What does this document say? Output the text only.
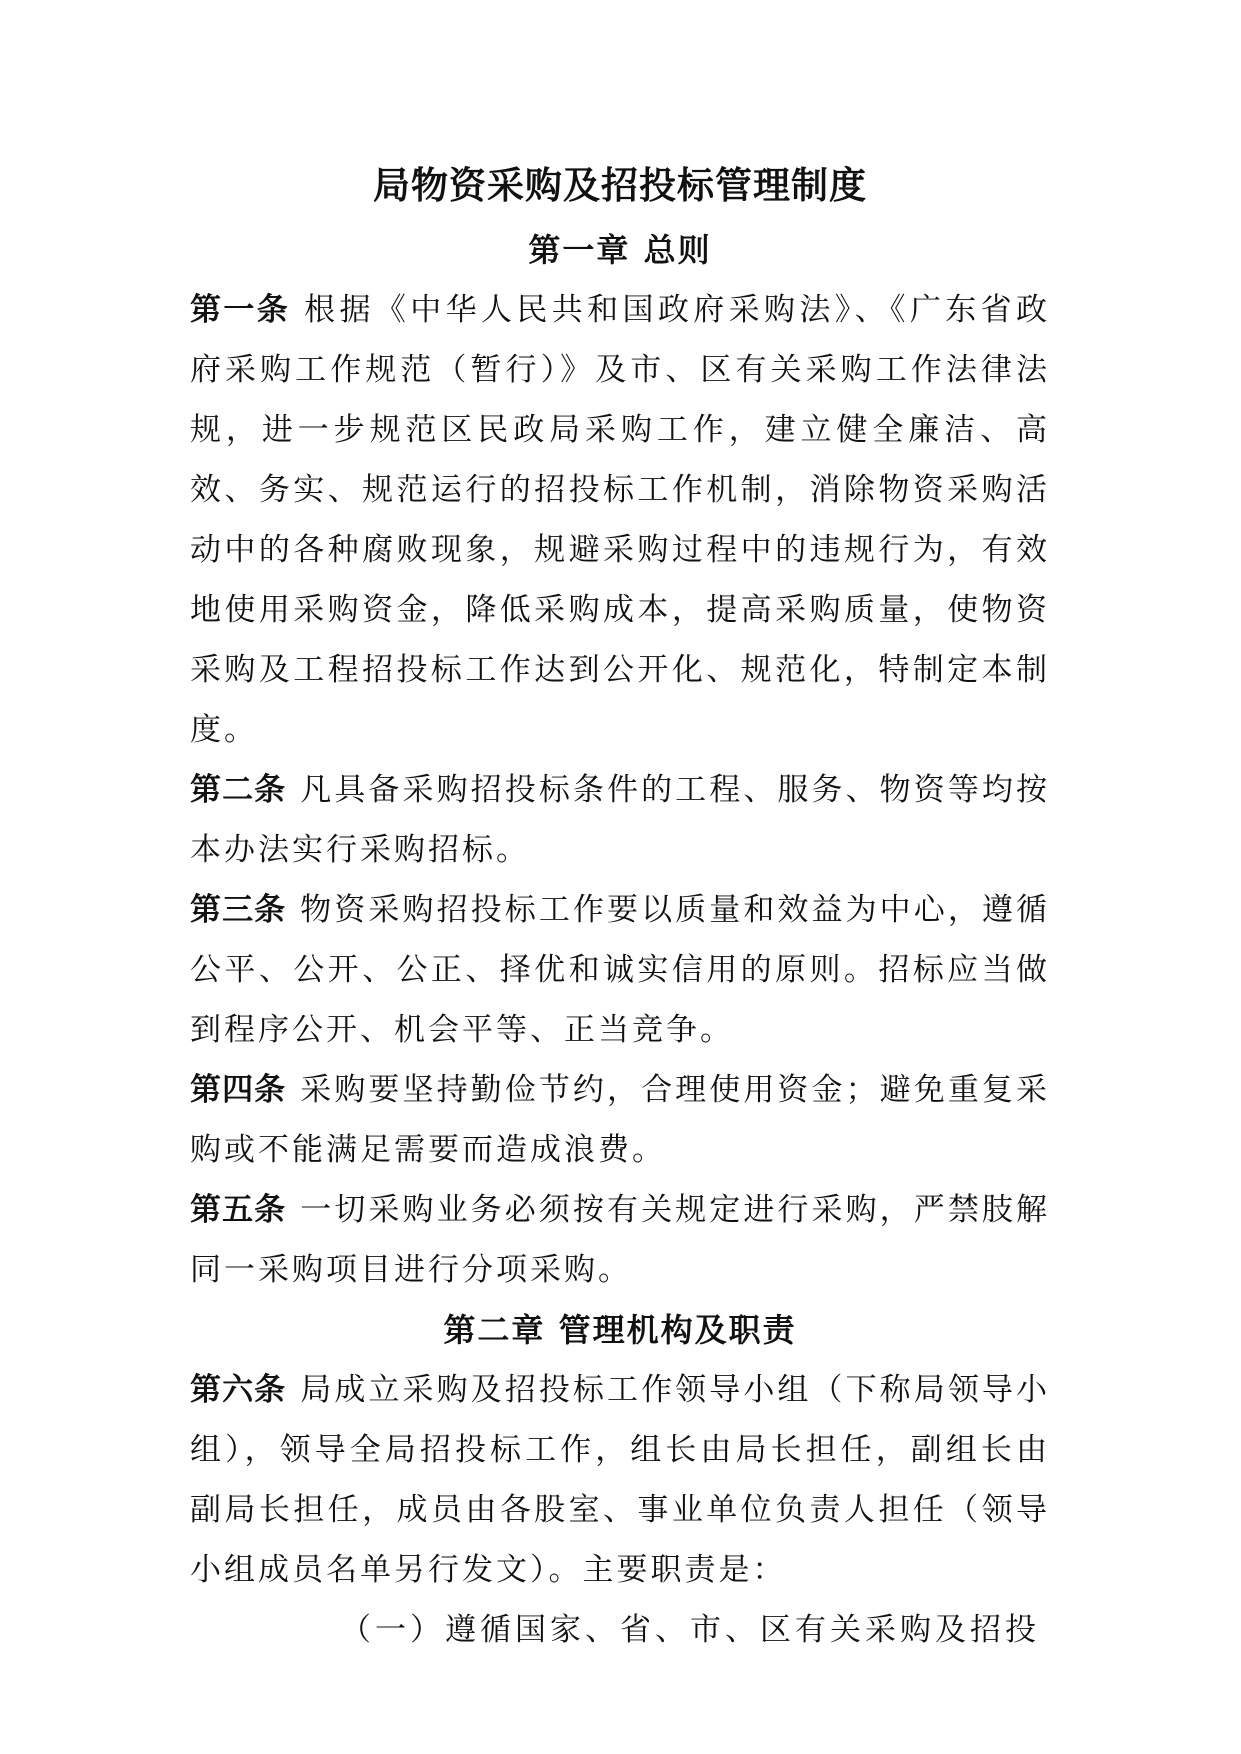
局物资采购及招投标管理制度
第一章 总则

第一条 根据《中华人民共和国政府采购法》、《广东省政府采购工作规范（暂行）》及市、区有关采购工作法律法规，进一步规范区民政局采购工作，建立健全廉洁、高效、务实、规范运行的招投标工作机制，消除物资采购活动中的各种腐败现象，规避采购过程中的违规行为，有效地使用采购资金，降低采购成本，提高采购质量，使物资采购及工程招投标工作达到公开化、规范化，特制定本制度。

第二条 凡具备采购招投标条件的工程、服务、物资等均按本办法实行采购招标。

第三条 物资采购招投标工作要以质量和效益为中心，遵循公平、公开、公正、择优和诚实信用的原则。招标应当做到程序公开、机会平等、正当竞争。

第四条 采购要坚持勤俭节约，合理使用资金；避免重复采购或不能满足需要而造成浪费。

第五条 一切采购业务必须按有关规定进行采购，严禁肢解同一采购项目进行分项采购。

第二章 管理机构及职责

第六条 局成立采购及招投标工作领导小组（下称局领导小组），领导全局招投标工作，组长由局长担任，副组长由副局长担任，成员由各股室、事业单位负责人担任（领导小组成员名单另行发文）。主要职责是：

（一）遵循国家、省、市、区有关采购及招投
